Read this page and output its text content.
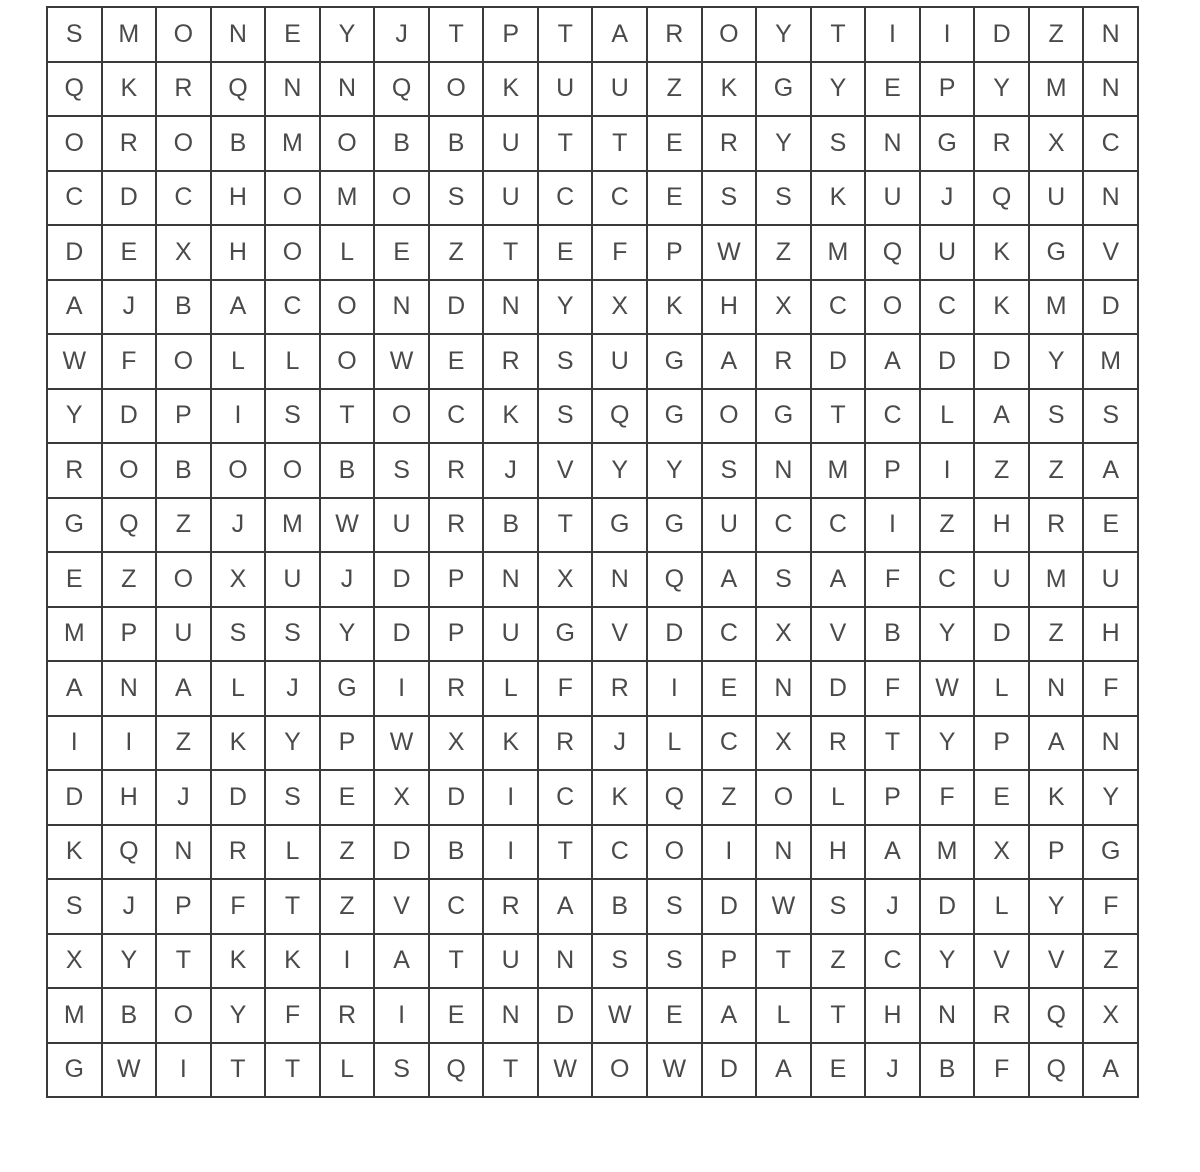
S	M	O	N	E	Y	J	T	P	T	A	R	O	Y	T	I	I	D	Z	N
Q	K	R	Q	N	N	Q	O	K	U	U	Z	K	G	Y	E	P	Y	M	N
O	R	O	B	M	O	B	B	U	T	T	E	R	Y	S	N	G	R	X	C
C	D	C	H	O	M	O	S	U	C	C	E	S	S	K	U	J	Q	U	N
D	E	X	H	O	L	E	Z	T	E	F	P	W	Z	M	Q	U	K	G	V
A	J	B	A	C	O	N	D	N	Y	X	K	H	X	C	O	C	K	M	D
W	F	O	L	L	O	W	E	R	S	U	G	A	R	D	A	D	D	Y	M
Y	D	P	I	S	T	O	C	K	S	Q	G	O	G	T	C	L	A	S	S
R	O	B	O	O	B	S	R	J	V	Y	Y	S	N	M	P	I	Z	Z	A
G	Q	Z	J	M	W	U	R	B	T	G	G	U	C	C	I	Z	H	R	E
E	Z	O	X	U	J	D	P	N	X	N	Q	A	S	A	F	C	U	M	U
M	P	U	S	S	Y	D	P	U	G	V	D	C	X	V	B	Y	D	Z	H
A	N	A	L	J	G	I	R	L	F	R	I	E	N	D	F	W	L	N	F
I	I	Z	K	Y	P	W	X	K	R	J	L	C	X	R	T	Y	P	A	N
D	H	J	D	S	E	X	D	I	C	K	Q	Z	O	L	P	F	E	K	Y
K	Q	N	R	L	Z	D	B	I	T	C	O	I	N	H	A	M	X	P	G
S	J	P	F	T	Z	V	C	R	A	B	S	D	W	S	J	D	L	Y	F
X	Y	T	K	K	I	A	T	U	N	S	S	P	T	Z	C	Y	V	V	Z
M	B	O	Y	F	R	I	E	N	D	W	E	A	L	T	H	N	R	Q	X
G	W	I	T	T	L	S	Q	T	W	O	W	D	A	E	J	B	F	Q	A
